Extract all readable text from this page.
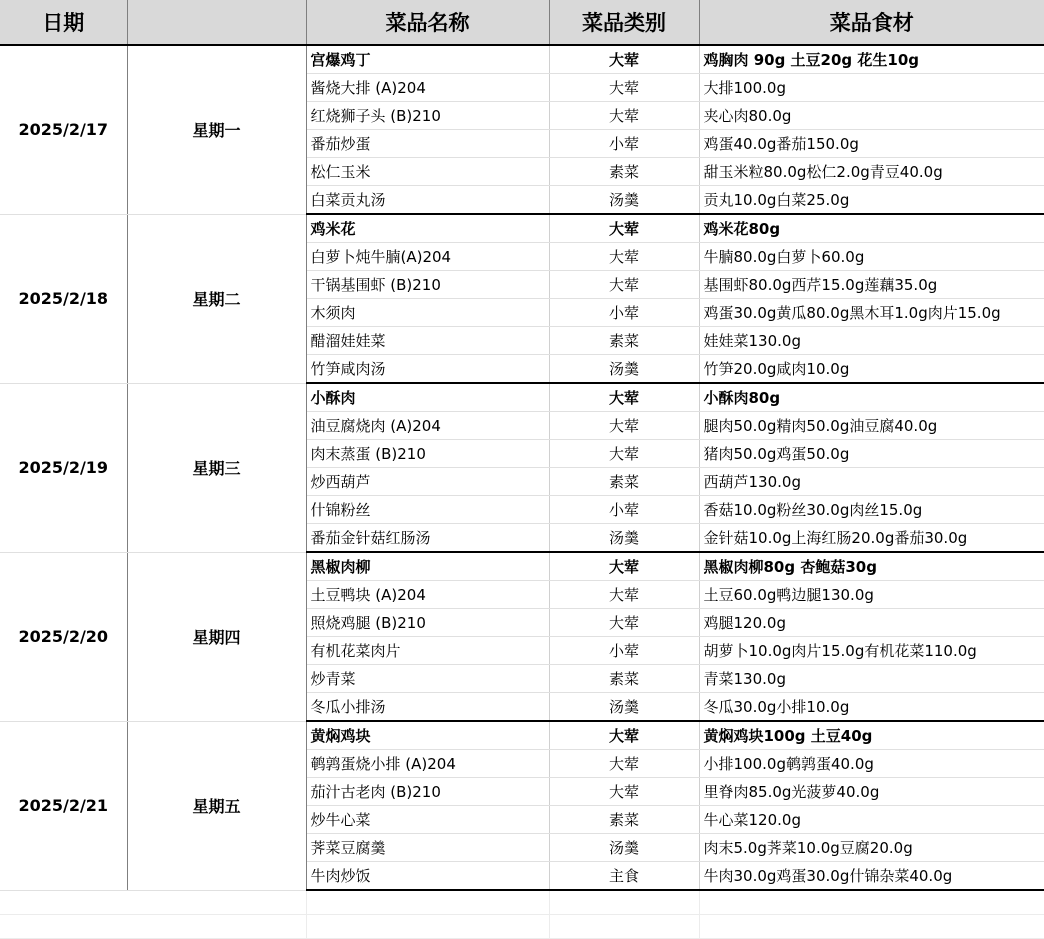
日期		菜品名称	菜品类别	菜品食材
2025/2/17	星期一	宫爆鸡丁	大荤	鸡胸肉 90g 土豆20g 花生10g
		酱烧大排 (A)204	大荤	大排100.0g
		红烧狮子头 (B)210	大荤	夹心肉80.0g
		番茄炒蛋	小荤	鸡蛋40.0g番茄150.0g
		松仁玉米	素菜	甜玉米粒80.0g松仁2.0g青豆40.0g
		白菜贡丸汤	汤羹	贡丸10.0g白菜25.0g
2025/2/18	星期二	鸡米花	大荤	鸡米花80g
		白萝卜炖牛腩(A)204	大荤	牛腩80.0g白萝卜60.0g
		干锅基围虾 (B)210	大荤	基围虾80.0g西芹15.0g莲藕35.0g
		木须肉	小荤	鸡蛋30.0g黄瓜80.0g黑木耳1.0g肉片15.0g
		醋溜娃娃菜	素菜	娃娃菜130.0g
		竹笋咸肉汤	汤羹	竹笋20.0g咸肉10.0g
2025/2/19	星期三	小酥肉	大荤	小酥肉80g
		油豆腐烧肉 (A)204	大荤	腿肉50.0g精肉50.0g油豆腐40.0g
		肉末蒸蛋 (B)210	大荤	猪肉50.0g鸡蛋50.0g
		炒西葫芦	素菜	西葫芦130.0g
		什锦粉丝	小荤	香菇10.0g粉丝30.0g肉丝15.0g
		番茄金针菇红肠汤	汤羹	金针菇10.0g上海红肠20.0g番茄30.0g
2025/2/20	星期四	黑椒肉柳	大荤	黑椒肉柳80g 杏鲍菇30g
		土豆鸭块 (A)204	大荤	土豆60.0g鸭边腿130.0g
		照烧鸡腿 (B)210	大荤	鸡腿120.0g
		有机花菜肉片	小荤	胡萝卜10.0g肉片15.0g有机花菜110.0g
		炒青菜	素菜	青菜130.0g
		冬瓜小排汤	汤羹	冬瓜30.0g小排10.0g
2025/2/21	星期五	黄焖鸡块	大荤	黄焖鸡块100g 土豆40g
		鹌鹑蛋烧小排 (A)204	大荤	小排100.0g鹌鹑蛋40.0g
		茄汁古老肉 (B)210	大荤	里脊肉85.0g光菠萝40.0g
		炒牛心菜	素菜	牛心菜120.0g
		荠菜豆腐羹	汤羹	肉末5.0g荠菜10.0g豆腐20.0g
		牛肉炒饭	主食	牛肉30.0g鸡蛋30.0g什锦杂菜40.0g
